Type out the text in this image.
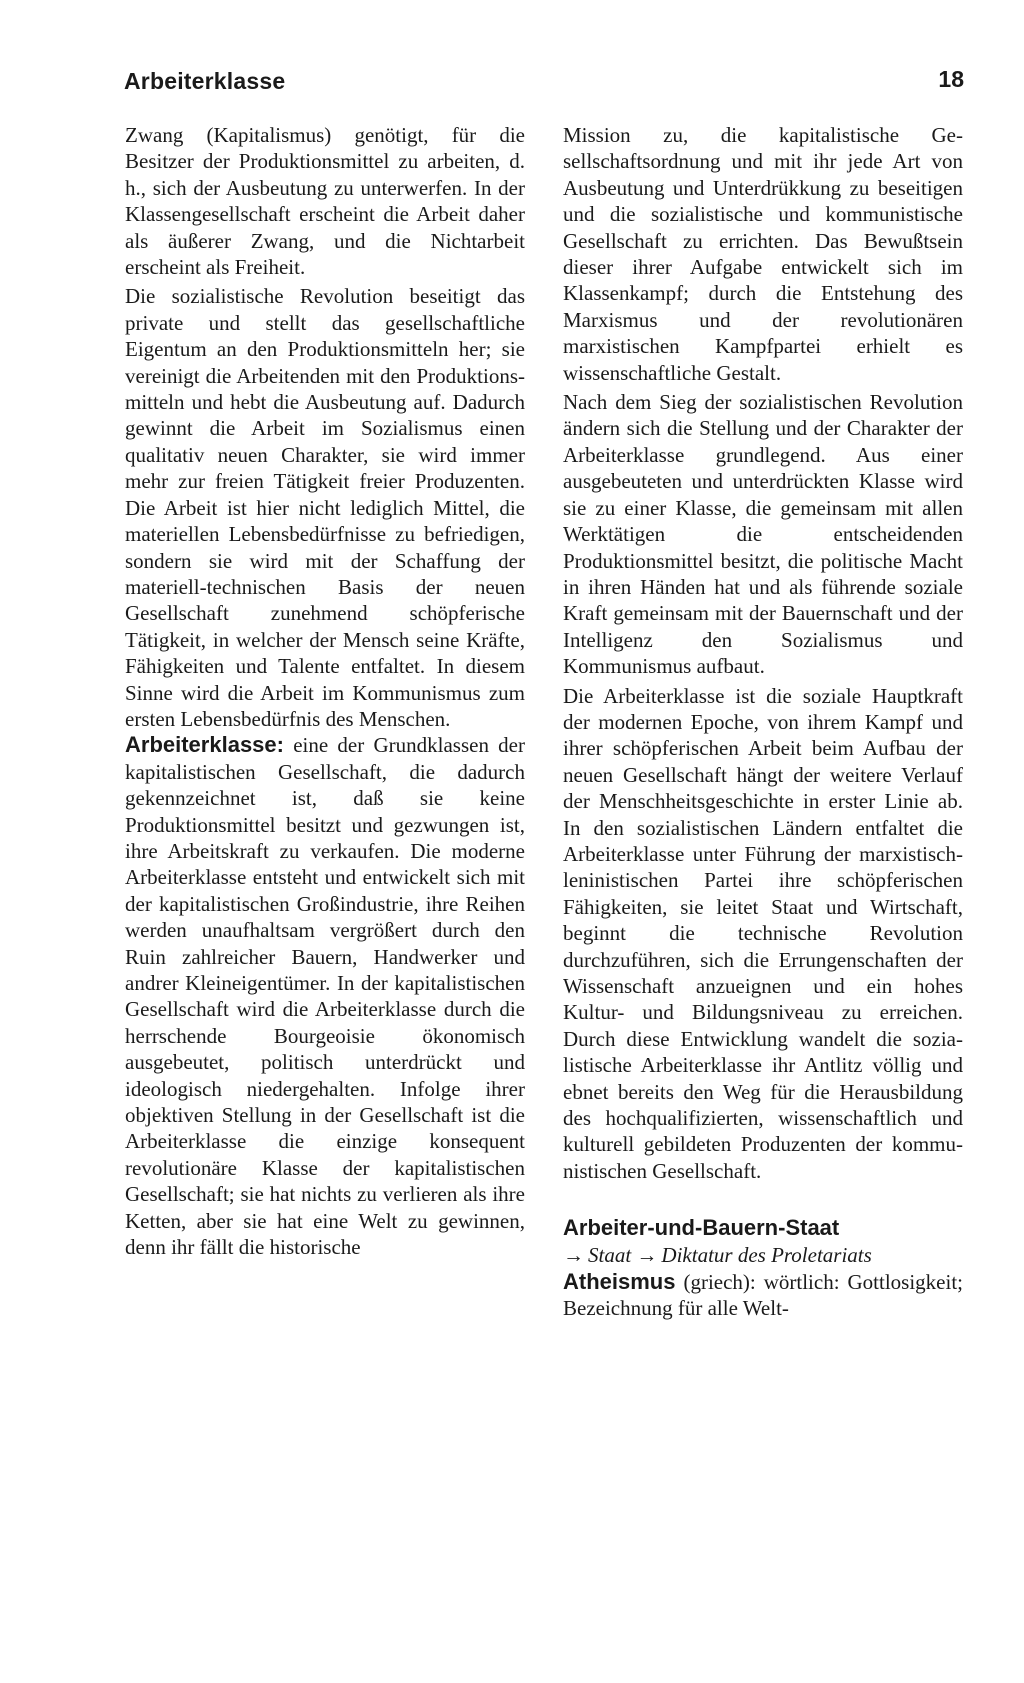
Arbeiterklasse	18

Zwang (Kapitalismus) genötigt, für die Besitzer der Produktionsmittel zu arbeiten, d. h., sich der Ausbeutung zu unterwerfen. In der Klassengesellschaft erscheint die Arbeit daher als äußerer Zwang, und die Nichtarbeit erscheint als Freiheit.

Die sozialistische Revolution beseitigt das private und stellt das gesellschaftliche Eigentum an den Produktionsmitteln her; sie vereinigt die Arbeitenden mit den Produktionsmitteln und hebt die Ausbeutung auf. Dadurch gewinnt die Arbeit im Sozialismus einen qualitativ neuen Charakter, sie wird immer mehr zur freien Tätigkeit freier Produzenten. Die Arbeit ist hier nicht lediglich Mittel, die materiellen Lebensbedürfnisse zu befriedigen, sondern sie wird mit der Schaffung der materiell-technischen Basis der neuen Gesellschaft zunehmend schöpferische Tätigkeit, in welcher der Mensch seine Kräfte, Fähigkeiten und Talente entfaltet. In diesem Sinne wird die Arbeit im Kommunismus zum ersten Lebensbedürfnis des Menschen.

Arbeiterklasse: eine der Grundklassen der kapitalistischen Gesellschaft, die dadurch gekennzeichnet ist, daß sie keine Produktionsmittel besitzt und gezwungen ist, ihre Arbeitskraft zu verkaufen. Die moderne Arbeiterklasse entsteht und entwickelt sich mit der kapitalistischen Großindustrie, ihre Reihen werden unaufhaltsam vergrößert durch den Ruin zahlreicher Bauern, Handwerker und andrer Kleineigentümer. In der kapitalistischen Gesellschaft wird die Arbeiterklasse durch die herrschende Bourgeoisie ökonomisch ausgebeutet, politisch unterdrückt und ideologisch niedergehalten. Infolge ihrer objektiven Stellung in der Gesellschaft ist die Arbeiterklasse die einzige konsequent revolutionäre Klasse der kapitalistischen Gesellschaft; sie hat nichts zu verlieren als ihre Ketten, aber sie hat eine Welt zu gewinnen, denn ihr fällt die historische

Mission zu, die kapitalistische Gesellschaftsordnung und mit ihr jede Art von Ausbeutung und Unterdrükkung zu beseitigen und die sozialistische und kommunistische Gesellschaft zu errichten. Das Bewußtsein dieser ihrer Aufgabe entwickelt sich im Klassenkampf; durch die Entstehung des Marxismus und der revolutionären marxistischen Kampfpartei erhielt es wissenschaftliche Gestalt.

Nach dem Sieg der sozialistischen Revolution ändern sich die Stellung und der Charakter der Arbeiterklasse grundlegend. Aus einer ausgebeuteten und unterdrückten Klasse wird sie zu einer Klasse, die gemeinsam mit allen Werktätigen die entscheidenden Produktionsmittel besitzt, die politische Macht in ihren Händen hat und als führende soziale Kraft gemeinsam mit der Bauernschaft und der Intelligenz den Sozialismus und Kommunismus aufbaut.

Die Arbeiterklasse ist die soziale Hauptkraft der modernen Epoche, von ihrem Kampf und ihrer schöpferischen Arbeit beim Aufbau der neuen Gesellschaft hängt der weitere Verlauf der Menschheitsgeschichte in erster Linie ab. In den sozialistischen Ländern entfaltet die Arbeiterklasse unter Führung der marxistisch-leninistischen Partei ihre schöpferischen Fähigkeiten, sie leitet Staat und Wirtschaft, beginnt die technische Revolution durchzuführen, sich die Errungenschaften der Wissenschaft anzueignen und ein hohes Kultur- und Bildungsniveau zu erreichen. Durch diese Entwicklung wandelt die sozialistische Arbeiterklasse ihr Antlitz völlig und ebnet bereits den Weg für die Herausbildung des hochqualifizierten, wissenschaftlich und kulturell gebildeten Produzenten der kommunistischen Gesellschaft.

Arbeiter-und-Bauern-Staat

→ Staat → Diktatur des Proletariats

Atheismus (griech): wörtlich: Gottlosigkeit; Bezeichnung für alle Welt-
